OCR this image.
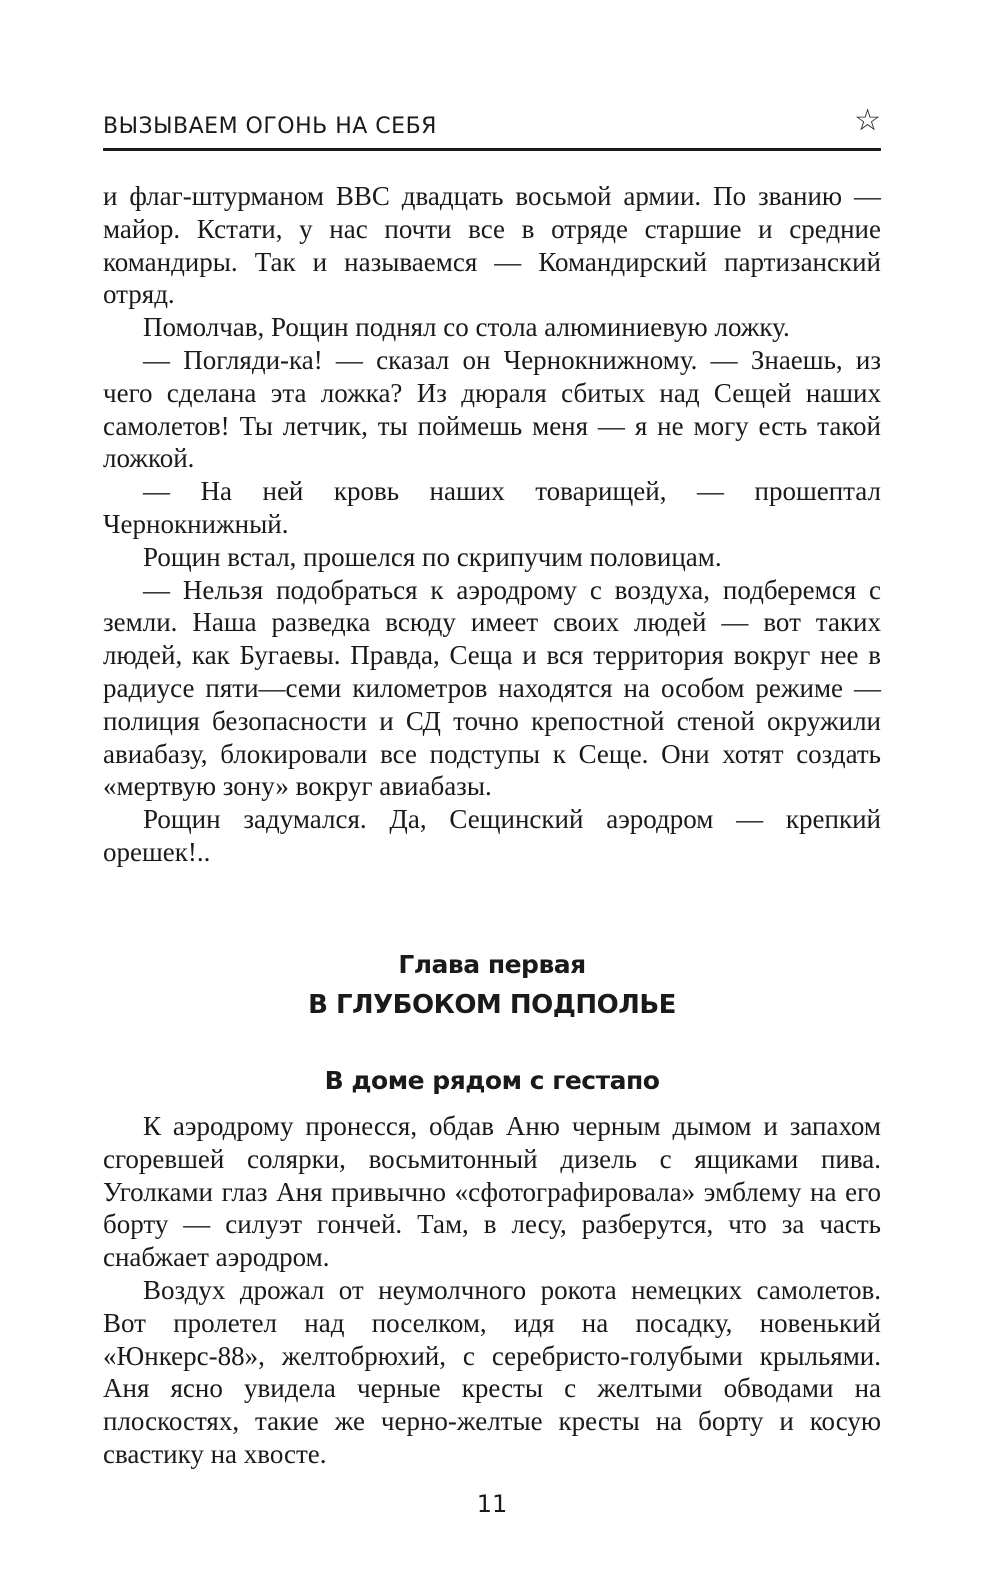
ВЫЗЫВАЕМ ОГОНЬ НА СЕБЯ	☆

и флаг-штурманом ВВС двадцать восьмой армии. По званию — майор. Кстати, у нас почти все в отряде старшие и средние командиры. Так и называемся — Командирский партизанский отряд.

Помолчав, Рощин поднял со стола алюминиевую ложку.

— Погляди-ка! — сказал он Чернокнижному. — Знаешь, из чего сделана эта ложка? Из дюраля сбитых над Сещей наших самолетов! Ты летчик, ты поймешь меня — я не могу есть такой ложкой.

— На ней кровь наших товарищей, — прошептал Чернокнижный.

Рощин встал, прошелся по скрипучим половицам.

— Нельзя подобраться к аэродрому с воздуха, подберемся с земли. Наша разведка всюду имеет своих людей — вот таких людей, как Бугаевы. Правда, Сеща и вся территория вокруг нее в радиусе пяти—семи километров находятся на особом режиме — полиция безопасности и СД точно крепостной стеной окружили авиабазу, блокировали все подступы к Сеще. Они хотят создать «мертвую зону» вокруг авиабазы.

Рощин задумался. Да, Сещинский аэродром — крепкий орешек!..

Глава первая
В ГЛУБОКОМ ПОДПОЛЬЕ
В доме рядом с гестапо

К аэродрому пронесся, обдав Аню черным дымом и запахом сгоревшей солярки, восьмитонный дизель с ящиками пива. Уголками глаз Аня привычно «сфотографировала» эмблему на его борту — силуэт гончей. Там, в лесу, разберутся, что за часть снабжает аэродром.

Воздух дрожал от неумолчного рокота немецких самолетов. Вот пролетел над поселком, идя на посадку, новенький «Юнкерс-88», желтобрюхий, с серебристо-голубыми крыльями. Аня ясно увидела черные кресты с желтыми обводами на плоскостях, такие же черно-желтые кресты на борту и косую свастику на хвосте.

11
